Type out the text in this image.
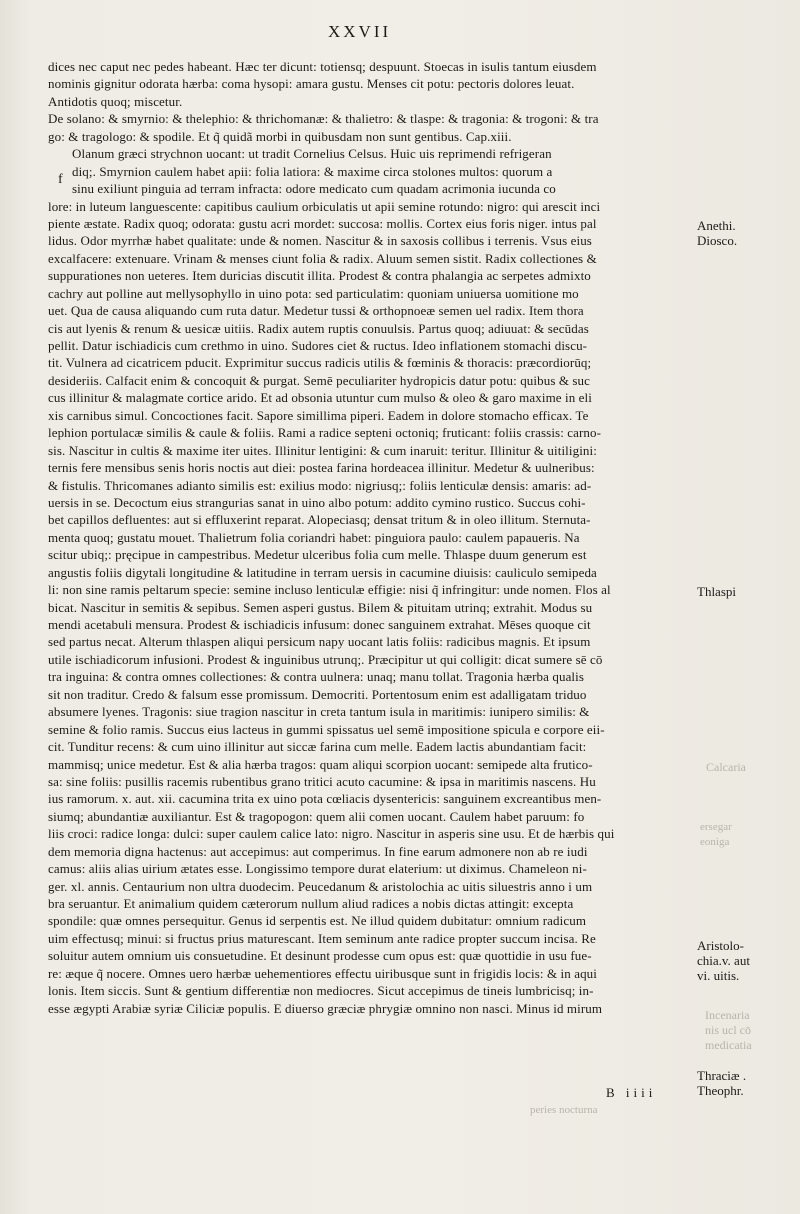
XXVII
Calcaria
ersegar
eoniga
Incenaria
nis ucl cō
medicatia
peries nocturna
f
dices nec caput nec pedes habeant. Hæc ter dicunt: totiensq; despuunt. Stoecas in isulis tantum eiusdem
nominis gignitur odorata hærba: coma hysopi: amara gustu. Menses cit potu: pectoris dolores leuat.
Antidotis quoq; miscetur.
De solano: & smyrnio: & thelephio: & thrichomanæ: & thalietro: & tlaspe: & tragonia: & trogoni: & tra
go: & tragologo: & spodile. Et q̃ quidã morbi in quibusdam non sunt gentibus. Cap.xiii.
Olanum græci strychnon uocant: ut tradit Cornelius Celsus. Huic uis reprimendi refrigeran
diq;. Smyrnion caulem habet apii: folia latiora: & maxime circa stolones multos: quorum a
sinu exiliunt pinguia ad terram infracta: odore medicato cum quadam acrimonia iucunda co
lore: in luteum languescente: capitibus caulium orbiculatis ut apii semine rotundo: nigro: qui arescit inci
piente æstate. Radix quoq; odorata: gustu acri mordet: succosa: mollis. Cortex eius foris niger. intus pal
lidus. Odor myrrhæ habet qualitate: unde & nomen. Nascitur & in saxosis collibus i terrenis. Vsus eius
excalfacere: extenuare. Vrinam & menses ciunt folia & radix. Aluum semen sistit. Radix collectiones &
suppurationes non ueteres. Item duricias discutit illita. Prodest & contra phalangia ac serpetes admixto
cachry aut polline aut mellysophyllo in uino pota: sed particulatim: quoniam uniuersa uomitione mo
uet. Qua de causa aliquando cum ruta datur. Medetur tussi & orthopnoeæ semen uel radix. Item thora
cis aut lyenis & renum & uesicæ uitiis. Radix autem ruptis conuulsis. Partus quoq; adiuuat: & secūdas
pellit. Datur ischiadicis cum crethmo in uino. Sudores ciet & ructus. Ideo inflationem stomachi discu-
tit. Vulnera ad cicatricem pducit. Exprimitur succus radicis utilis & fœminis & thoracis: præcordiorūq;
desideriis. Calfacit enim & concoquit & purgat. Semē peculiariter hydropicis datur potu: quibus & suc
cus illinitur & malagmate cortice arido. Et ad obsonia utuntur cum mulso & oleo & garo maxime in eli
xis carnibus simul. Concoctiones facit. Sapore simillima piperi. Eadem in dolore stomacho efficax. Te
lephion portulacæ similis & caule & foliis. Rami a radice septeni octoniq; fruticant: foliis crassis: carno-
sis. Nascitur in cultis & maxime iter uites. Illinitur lentigini: & cum inaruit: teritur. Illinitur & uitiligini:
ternis fere mensibus senis horis noctis aut diei: postea farina hordeacea illinitur. Medetur & uulneribus:
& fistulis. Thricomanes adianto similis est: exilius modo: nigriusq;: foliis lenticulæ densis: amaris: ad-
uersis in se. Decoctum eius strangurias sanat in uino albo potum: addito cymino rustico. Succus cohi-
bet capillos defluentes: aut si effluxerint reparat. Alopeciasq; densat tritum & in oleo illitum. Sternuta-
menta quoq; gustatu mouet. Thalietrum folia coriandri habet: pinguiora paulo: caulem papaueris. Na
scitur ubiq;: pręcipue in campestribus. Medetur ulceribus folia cum melle. Thlaspe duum generum est
angustis foliis digytali longitudine & latitudine in terram uersis in cacumine diuisis: cauliculo semipeda
li: non sine ramis peltarum specie: semine incluso lenticulæ effigie: nisi q̃ infringitur: unde nomen. Flos al
bicat. Nascitur in semitis & sepibus. Semen asperi gustus. Bilem & pituitam utrinq; extrahit. Modus su
mendi acetabuli mensura. Prodest & ischiadicis infusum: donec sanguinem extrahat. Mēses quoque cit
sed partus necat. Alterum thlaspen aliqui persicum napy uocant latis foliis: radicibus magnis. Et ipsum
utile ischiadicorum infusioni. Prodest & inguinibus utrunq;. Præcipitur ut qui colligit: dicat sumere sē cō
tra inguina: & contra omnes collectiones: & contra uulnera: unaq; manu tollat. Tragonia hærba qualis
sit non traditur. Credo & falsum esse promissum. Democriti. Portentosum enim est adalligatam triduo
absumere lyenes. Tragonis: siue tragion nascitur in creta tantum isula in maritimis: iunipero similis: &
semine & folio ramis. Succus eius lacteus in gummi spissatus uel semē impositione spicula e corpore eii-
cit. Tunditur recens: & cum uino illinitur aut siccæ farina cum melle. Eadem lactis abundantiam facit:
mammisq; unice medetur. Est & alia hærba tragos: quam aliqui scorpion uocant: semipede alta frutico-
sa: sine foliis: pusillis racemis rubentibus grano tritici acuto cacumine: & ipsa in maritimis nascens. Hu
ius ramorum. x. aut. xii. cacumina trita ex uino pota cœliacis dysentericis: sanguinem excreantibus men-
siumq; abundantiæ auxiliantur. Est & tragopogon: quem alii comen uocant. Caulem habet paruum: fo
liis croci: radice longa: dulci: super caulem calice lato: nigro. Nascitur in asperis sine usu. Et de hærbis qui
dem memoria digna hactenus: aut accepimus: aut comperimus. In fine earum admonere non ab re iudi
camus: aliis alias uirium ætates esse. Longissimo tempore durat elaterium: ut diximus. Chameleon ni-
ger. xl. annis. Centaurium non ultra duodecim. Peucedanum & aristolochia ac uitis siluestris anno i um
bra seruantur. Et animalium quidem cæterorum nullum aliud radices a nobis dictas attingit: excepta
spondile: quæ omnes persequitur. Genus id serpentis est. Ne illud quidem dubitatur: omnium radicum
uim effectusq; minui: si fructus prius maturescant. Item seminum ante radice propter succum incisa. Re
soluitur autem omnium uis consuetudine. Et desinunt prodesse cum opus est: quæ quottidie in usu fue-
re: æque q̃ nocere. Omnes uero hærbæ uehementiores effectu uiribusque sunt in frigidis locis: & in aqui
lonis. Item siccis. Sunt & gentium differentiæ non mediocres. Sicut accepimus de tineis lumbricisq; in-
esse ægypti Arabiæ syriæ Ciliciæ populis. E diuerso græciæ phrygiæ omnino non nasci. Minus id mirum
Anethi.
Diosco.
Thlaspi
Aristolo-
chia.v. aut
vi. uitis.
Thraciæ .
Theophr.
B iiii
